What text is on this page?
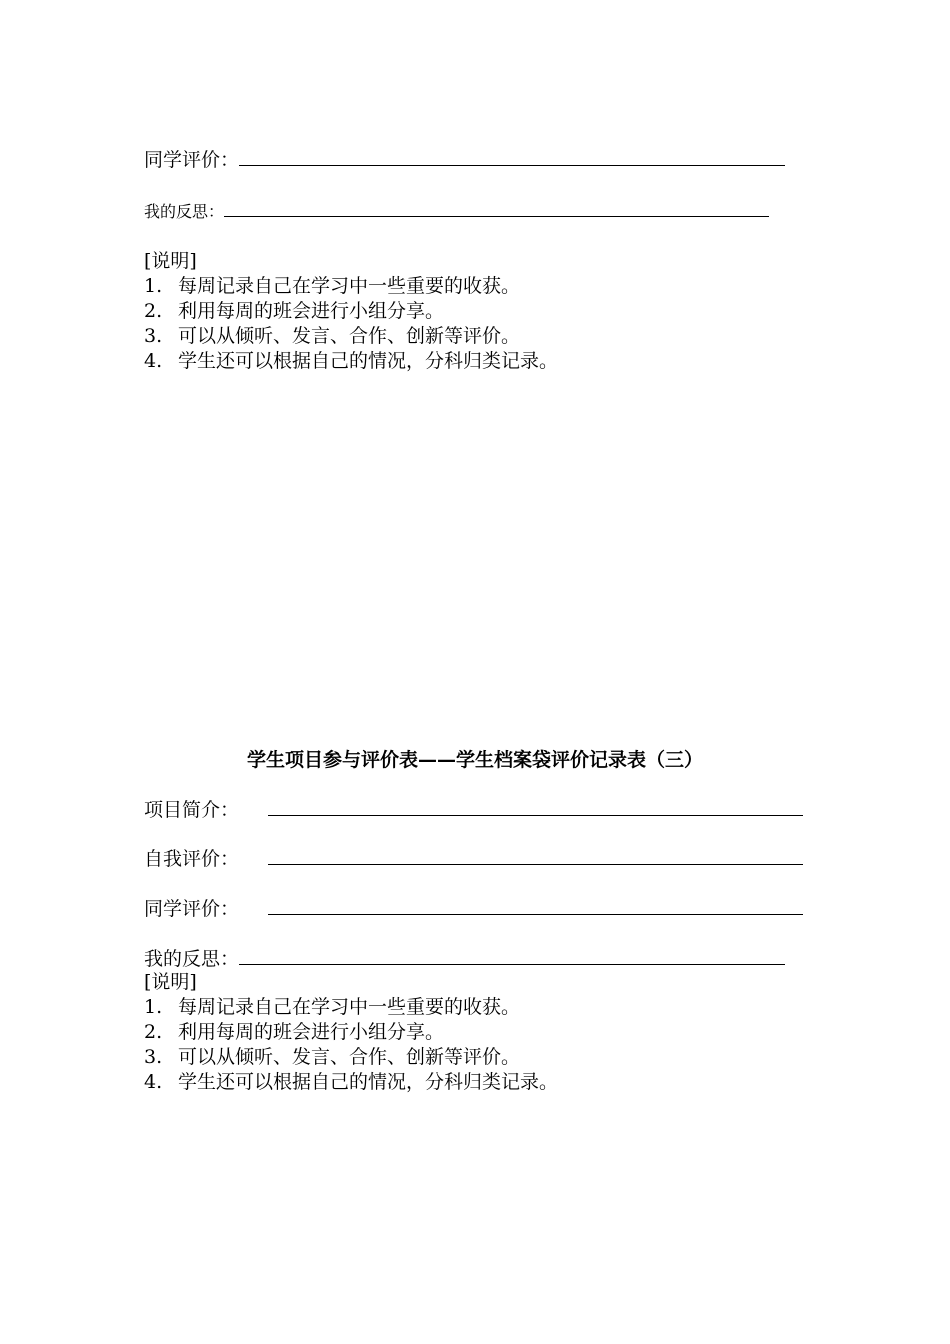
同学评价：
我的反思：
[说明]
1. 每周记录自己在学习中一些重要的收获。
2. 利用每周的班会进行小组分享。
3. 可以从倾听、发言、合作、创新等评价。
4. 学生还可以根据自己的情况，分科归类记录。
学生项目参与评价表——学生档案袋评价记录表（三）
项目简介：
自我评价：
同学评价：
我的反思：
[说明]
1. 每周记录自己在学习中一些重要的收获。
2. 利用每周的班会进行小组分享。
3. 可以从倾听、发言、合作、创新等评价。
4. 学生还可以根据自己的情况，分科归类记录。
